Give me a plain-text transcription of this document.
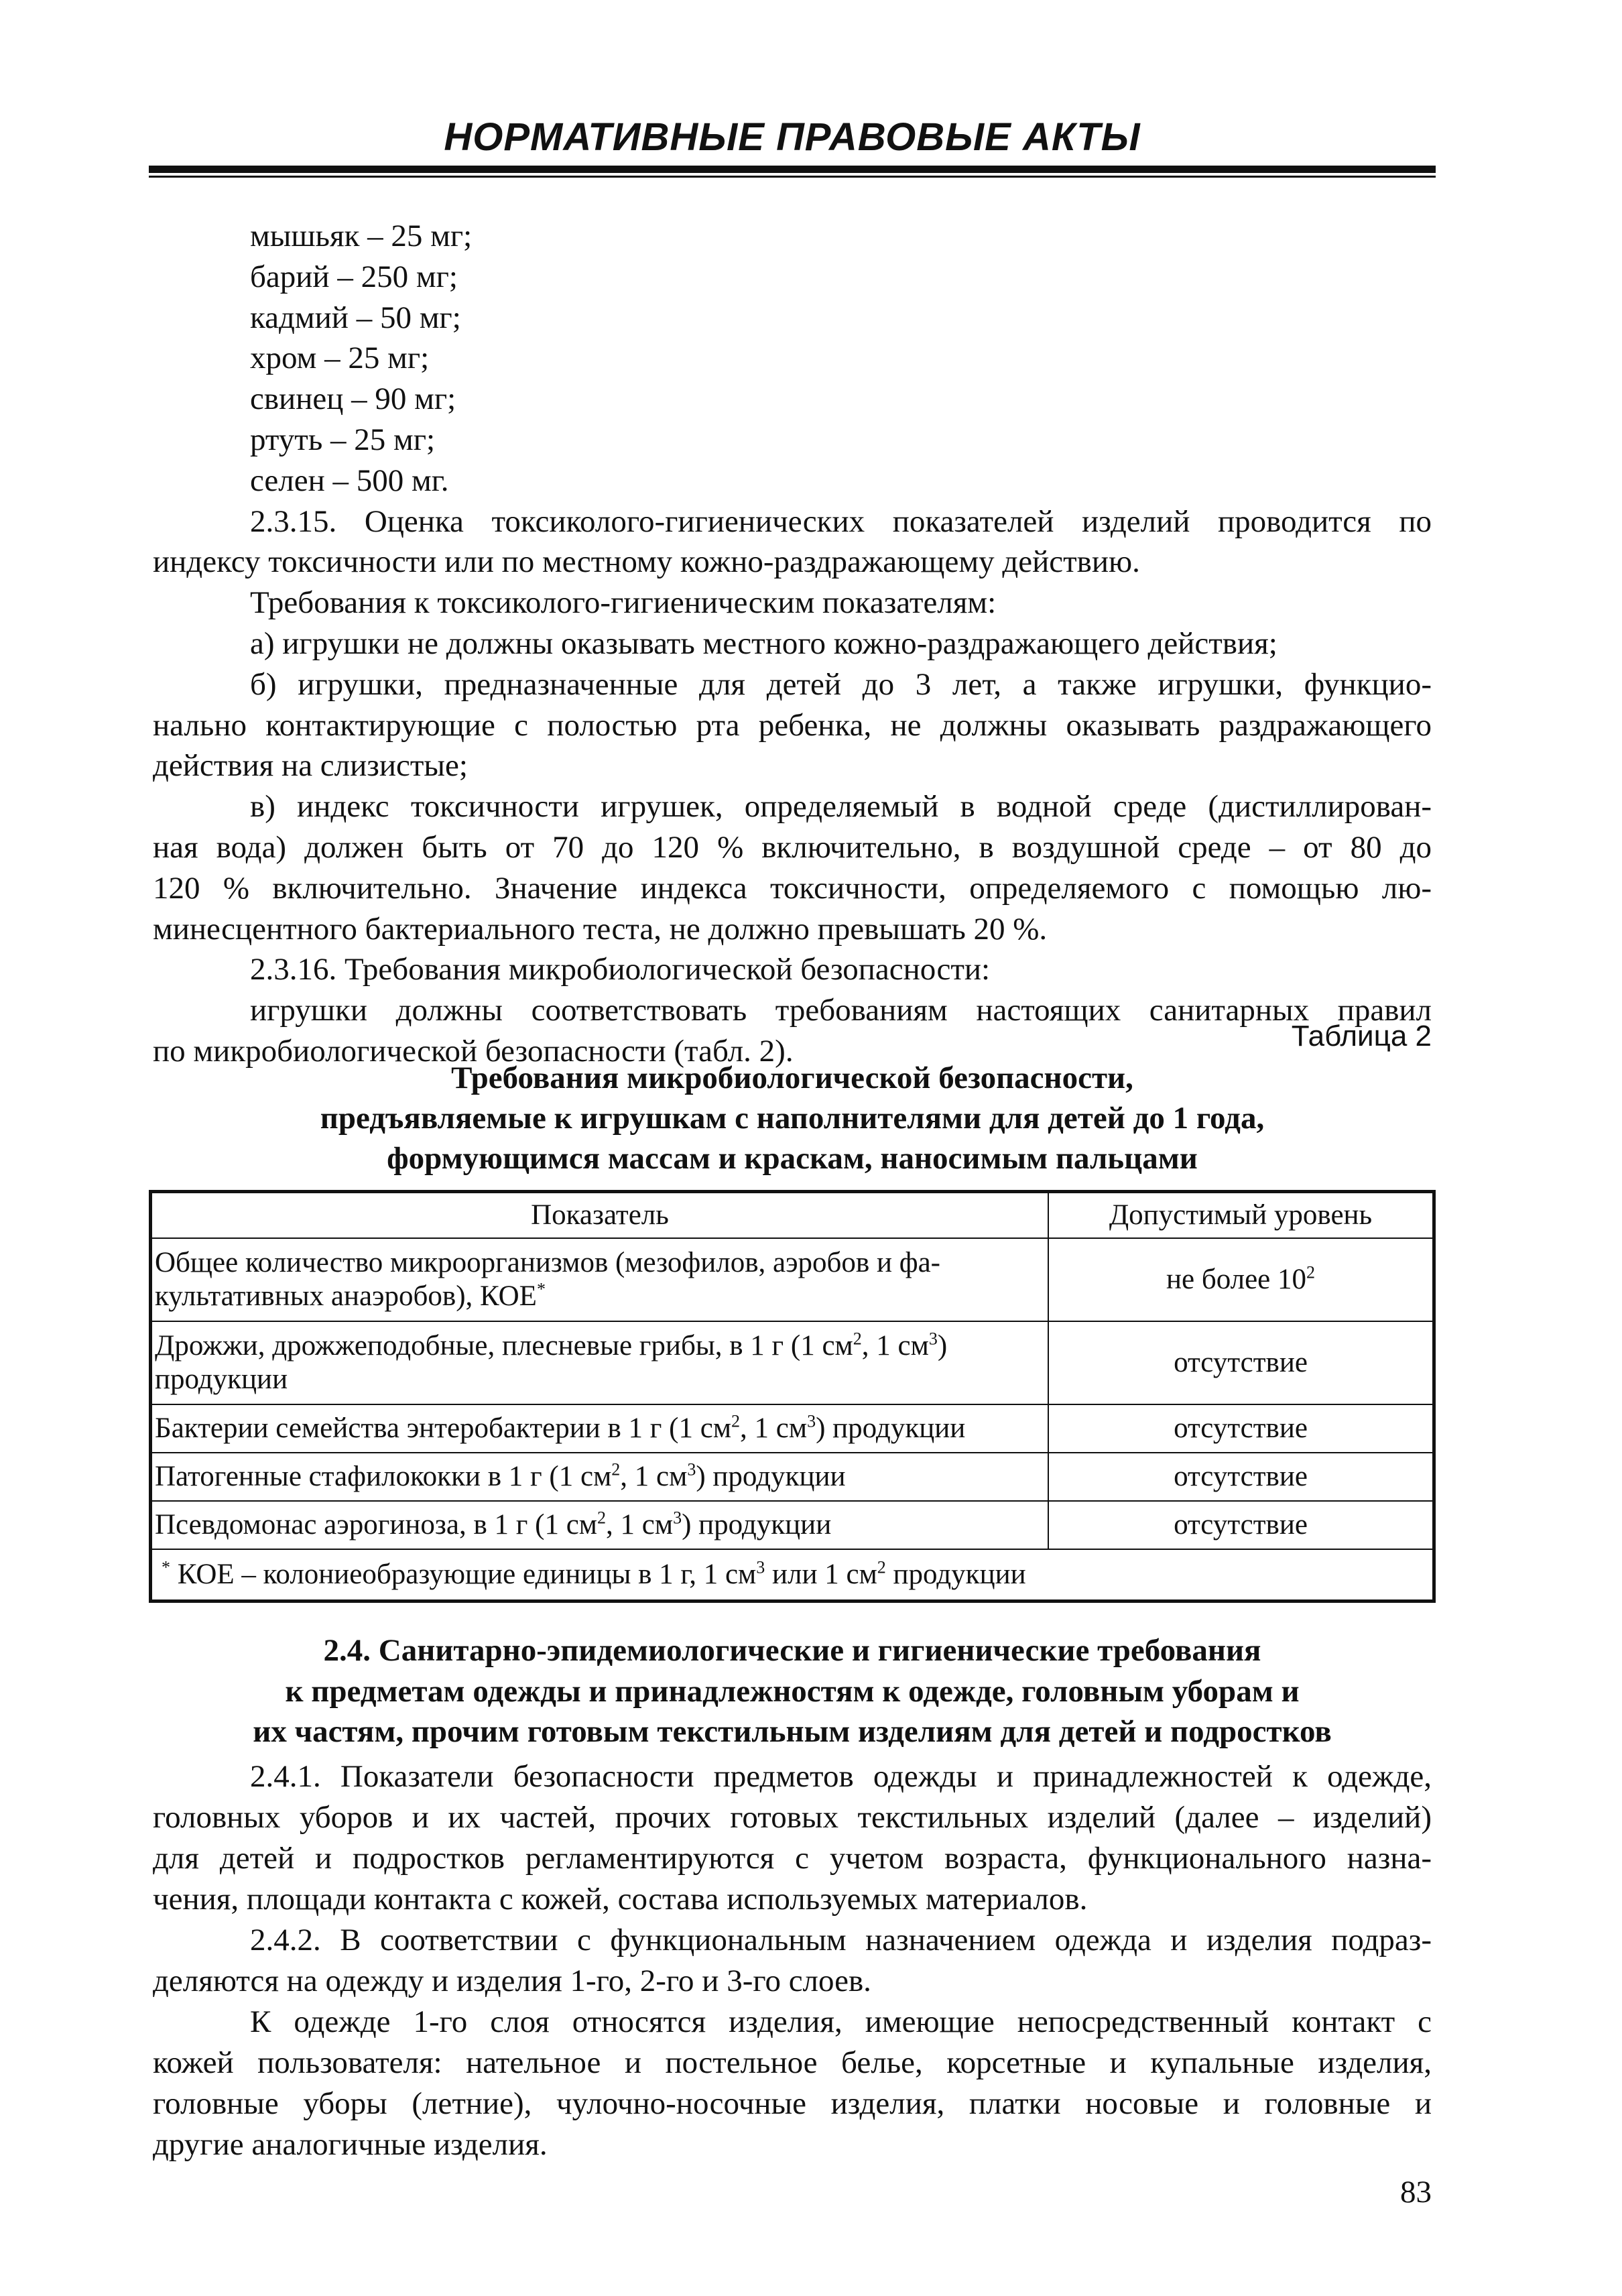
НОРМАТИВНЫЕ ПРАВОВЫЕ АКТЫ

мышьяк – 25 мг;

барий – 250 мг;

кадмий – 50 мг;

хром – 25 мг;

свинец – 90 мг;

ртуть – 25 мг;

селен – 500 мг.

2.3.15. Оценка токсиколого-гигиенических показателей изделий проводится по

индексу токсичности или по местному кожно-раздражающему действию.

Требования к токсиколого-гигиеническим показателям:

а) игрушки не должны оказывать местного кожно-раздражающего действия;

б) игрушки, предназначенные для детей до 3 лет, а также игрушки, функцио-

нально контактирующие с полостью рта ребенка, не должны оказывать раздражающего

действия на слизистые;

в) индекс токсичности игрушек, определяемый в водной среде (дистиллирован-

ная вода) должен быть от 70 до 120 % включительно, в воздушной среде – от 80 до

120 % включительно. Значение индекса токсичности, определяемого с помощью лю-

минесцентного бактериального теста, не должно превышать 20 %.

2.3.16. Требования микробиологической безопасности:

игрушки должны соответствовать требованиям настоящих санитарных правил

по микробиологической безопасности (табл. 2).	Таблица 2
Требования микробиологической безопасности,
предъявляемые к игрушкам с наполнителями для детей до 1 года,
формующимся массам и краскам, наносимым пальцами
Показатель	Допустимый уровень
Общее количество микроорганизмов (мезофилов, аэробов и фа-
культативных анаэробов), КОЕ*	не более $10^2$
Дрожжи, дрожжеподобные, плесневые грибы, в 1 г (1 $см^2$, 1 $см^3$)
продукции	отсутствие
Бактерии семейства энтеробактерии в 1 г (1 $см^2$, 1 $см^3$) продукции	отсутствие
Патогенные стафилококки в 1 г (1 $см^2$, 1 $см^3$) продукции	отсутствие
Псевдомонас аэрогиноза, в 1 г (1 $см^2$, 1 $см^3$) продукции	отсутствие
* КОЕ – колониеобразующие единицы в 1 г, 1 $см^3$ или 1 $см^2$ продукции	
2.4. Санитарно-эпидемиологические и гигиенические требования
к предметам одежды и принадлежностям к одежде, головным уборам и
их частям, прочим готовым текстильным изделиям для детей и подростков

2.4.1. Показатели безопасности предметов одежды и принадлежностей к одежде,

головных уборов и их частей, прочих готовых текстильных изделий (далее – изделий)

для детей и подростков регламентируются с учетом возраста, функционального назна-

чения, площади контакта с кожей, состава используемых материалов.

2.4.2. В соответствии с функциональным назначением одежда и изделия подраз-

деляются на одежду и изделия 1-го, 2-го и 3-го слоев.

К одежде 1-го слоя относятся изделия, имеющие непосредственный контакт с

кожей пользователя: нательное и постельное белье, корсетные и купальные изделия,

головные уборы (летние), чулочно-носочные изделия, платки носовые и головные и

другие аналогичные изделия.

83
